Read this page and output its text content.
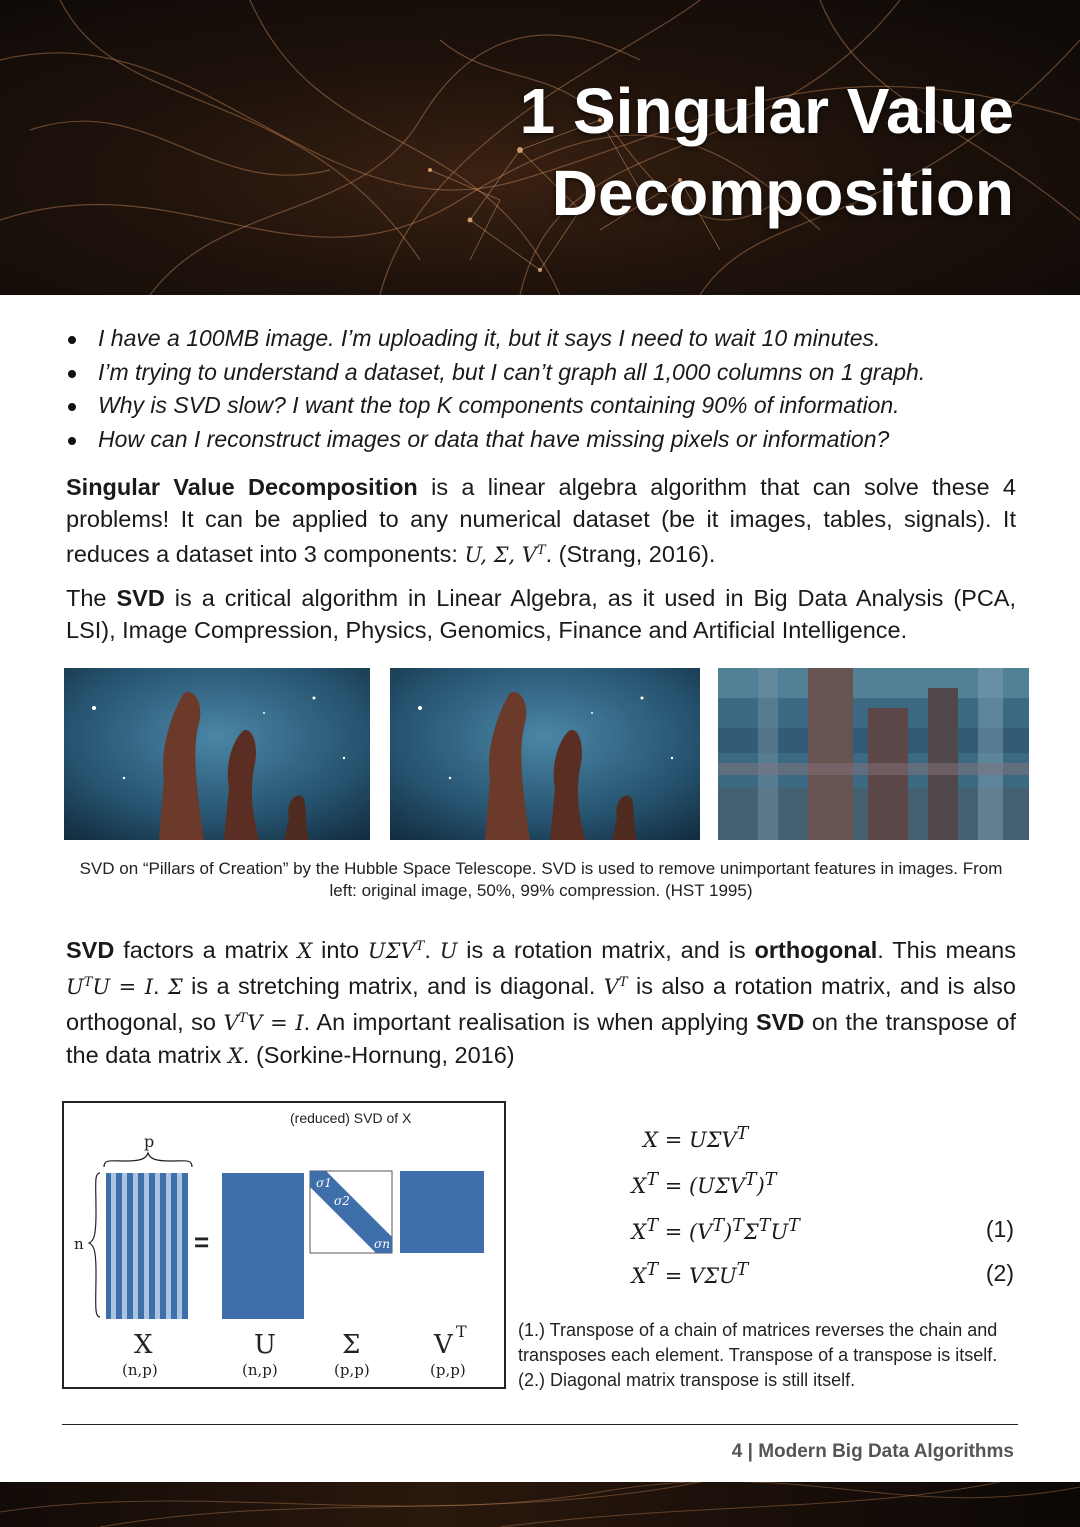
1 Singular Value
Decomposition
I have a 100MB image. I’m uploading it, but it says I need to wait 10 minutes.
I’m trying to understand a dataset, but I can’t graph all 1,000 columns on 1 graph.
Why is SVD slow? I want the top K components containing 90% of information.
How can I reconstruct images or data that have missing pixels or information?

Singular Value Decomposition is a linear algebra algorithm that can solve these 4 problems! It can be applied to any numerical dataset (be it images, tables, signals). It reduces a dataset into 3 components: U, Σ, $V^T$. (Strang, 2016).

The SVD is a critical algorithm in Linear Algebra, as it used in Big Data Analysis (PCA, LSI), Image Compression, Physics, Genomics, Finance and Artificial Intelligence.

SVD on “Pillars of Creation” by the Hubble Space Telescope. SVD is used to remove unimportant features in images. From left: original image, 50%, 99% compression. (HST 1995)

SVD factors a matrix X into $U\Sigma V^T$. U is a rotation matrix, and is orthogonal. This means $U^TU = I$. Σ is a stretching matrix, and is diagonal. $V^T$ is also a rotation matrix, and is also orthogonal, so $V^TV = I$. An important realisation is when applying SVD on the transpose of the data matrix X. (Sorkine-Hornung, 2016)

(reduced) SVD of X
p
n	=
σ1
σ2
σn
X
(n,p)
U
(n,p)
Σ
(p,p)
V T
(p,p)
$X = U\Sigma V^T$
$X^T = (U\Sigma V^T)^T$
$X^T = (V^T)^T\Sigma^TU^T$	(1)
$X^T = V\Sigma U^T$	(2)

(1.) Transpose of a chain of matrices reverses the chain and transposes each element. Transpose of a transpose is itself. (2.) Diagonal matrix transpose is still itself.

4 | Modern Big Data Algorithms
